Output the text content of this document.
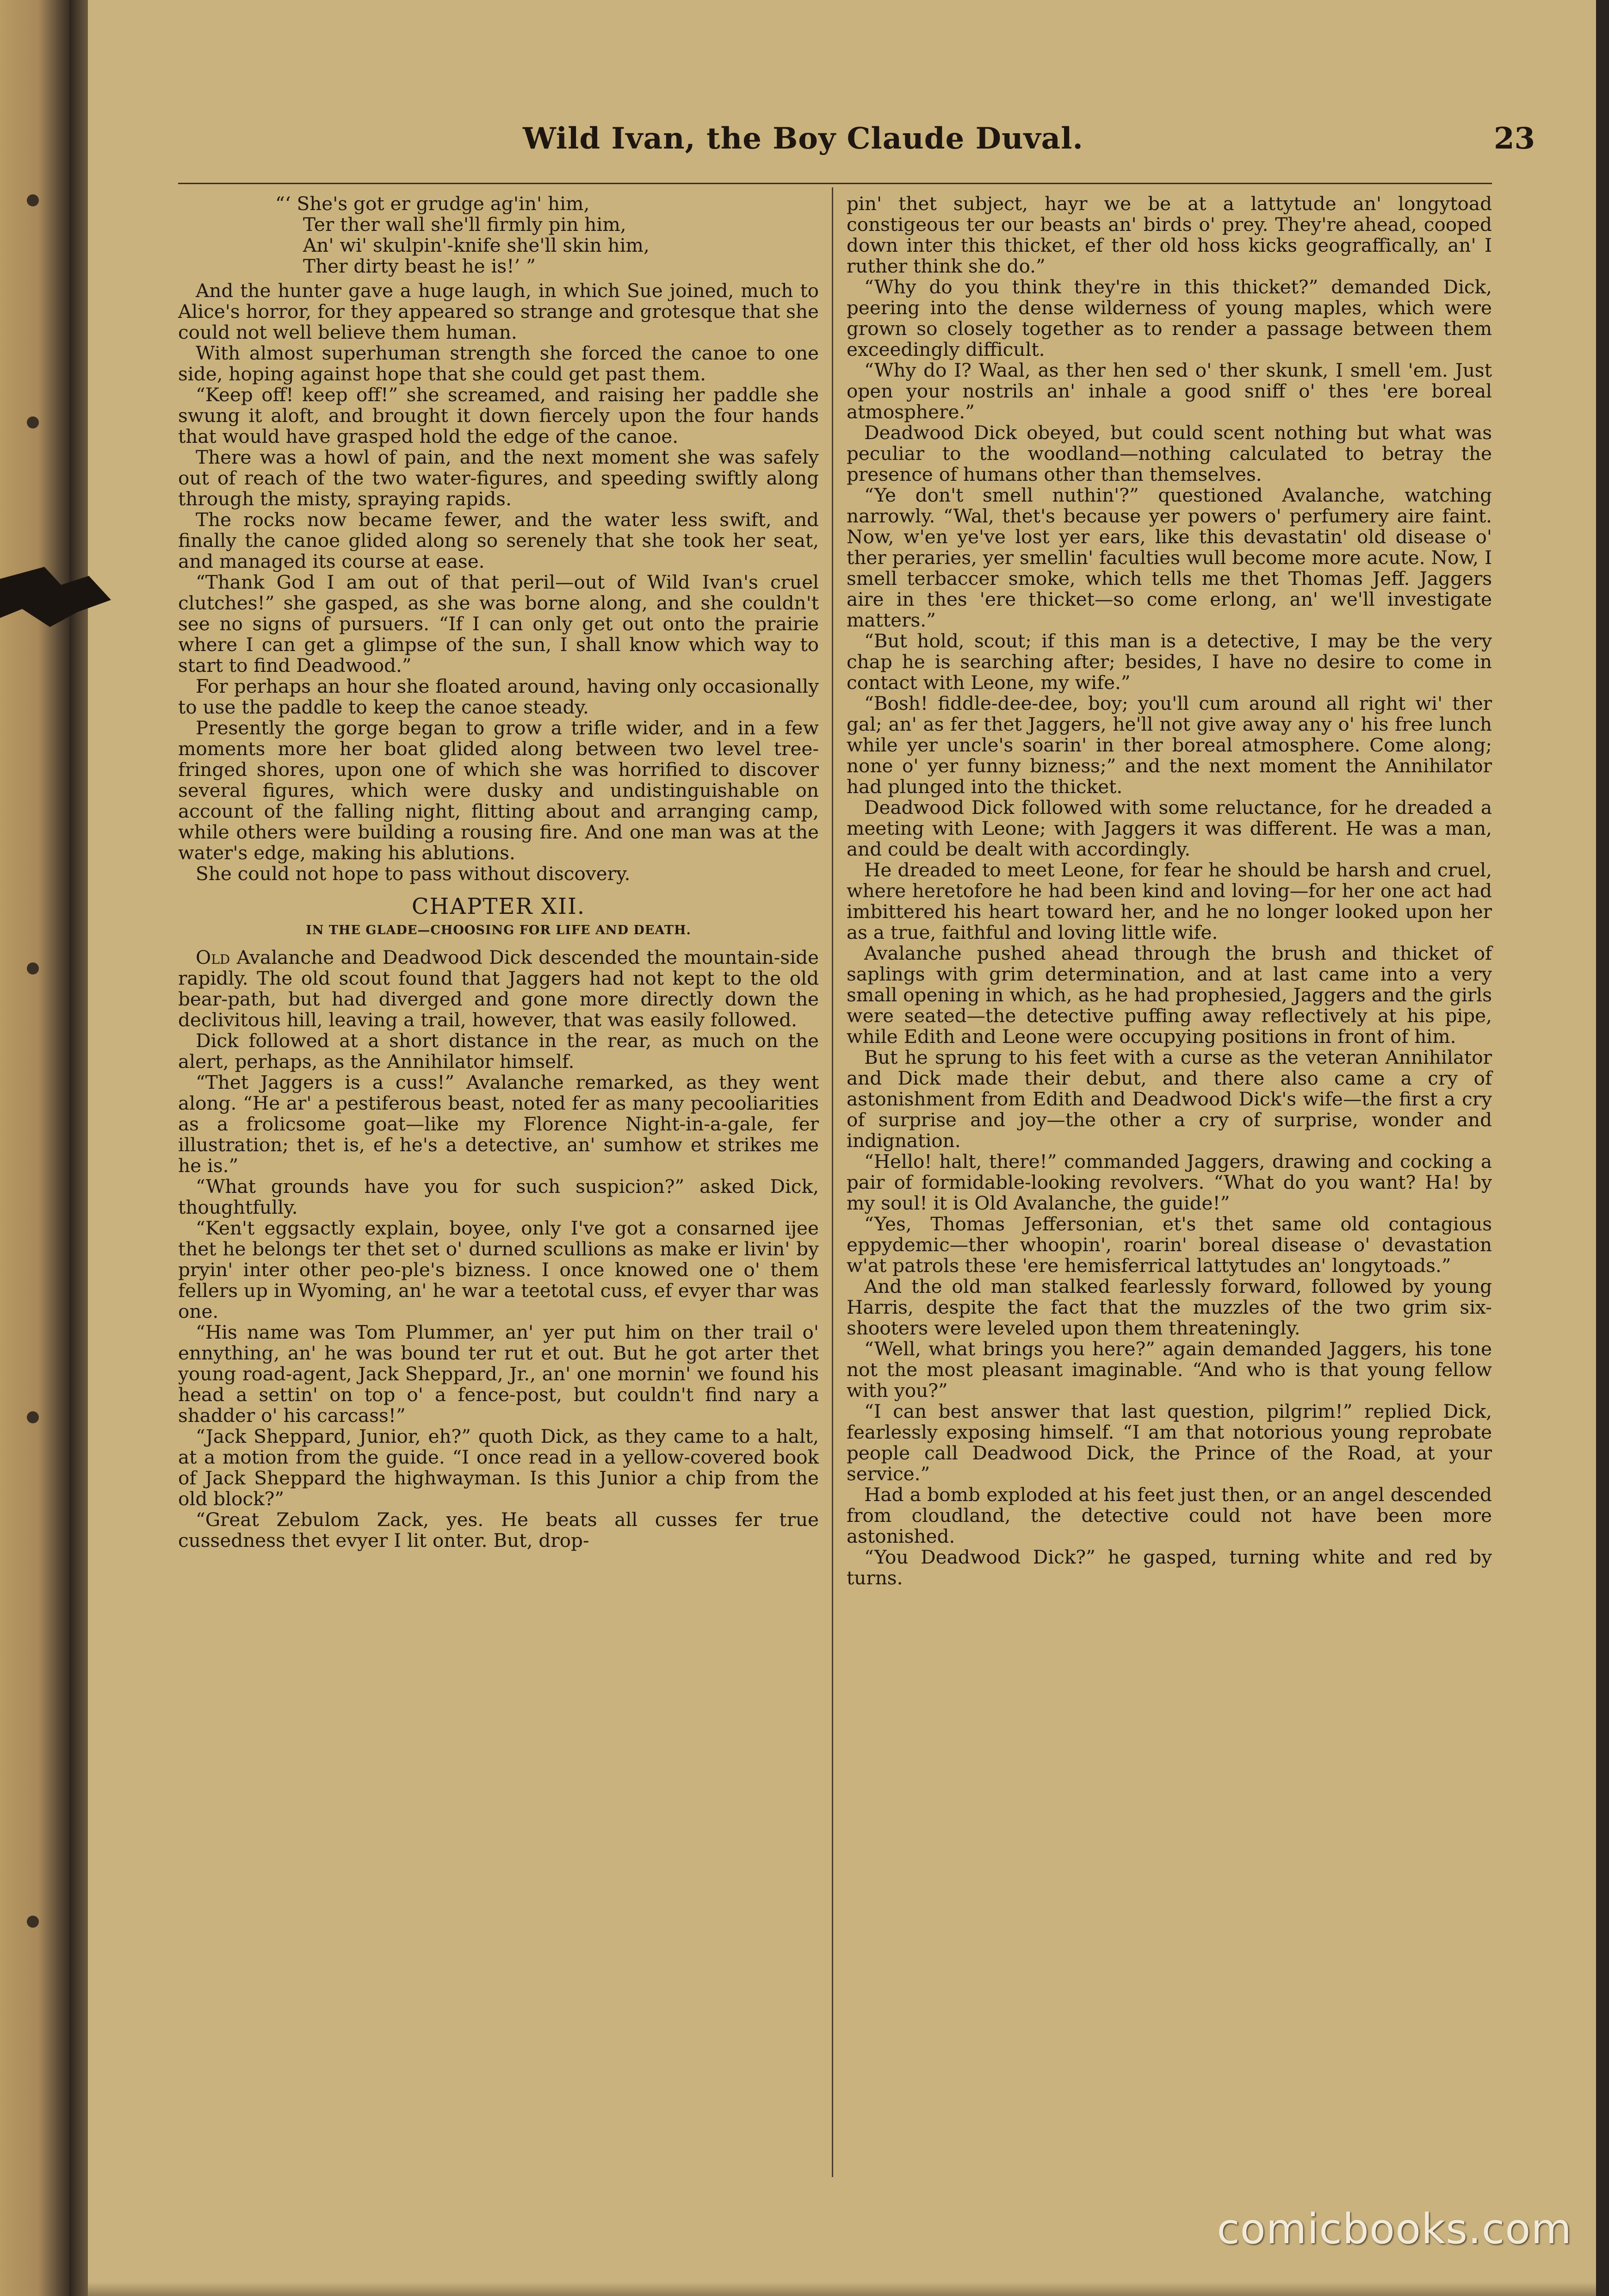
Wild Ivan, the Boy Claude Duval.	23
“‘ She's got er grudge ag'in' him,
Ter ther wall she'll firmly pin him,
An' wi' skulpin'-knife she'll skin him,
Ther dirty beast he is!’ ”

And the hunter gave a huge laugh, in which Sue joined, much to Alice's horror, for they appeared so strange and grotesque that she could not well believe them human.

With almost superhuman strength she forced the canoe to one side, hoping against hope that she could get past them.

“Keep off! keep off!” she screamed, and raising her paddle she swung it aloft, and brought it down fiercely upon the four hands that would have grasped hold the edge of the canoe.

There was a howl of pain, and the next moment she was safely out of reach of the two water-figures, and speeding swiftly along through the misty, spraying rapids.

The rocks now became fewer, and the water less swift, and finally the canoe glided along so serenely that she took her seat, and managed its course at ease.

“Thank God I am out of that peril—out of Wild Ivan's cruel clutches!” she gasped, as she was borne along, and she couldn't see no signs of pursuers. “If I can only get out onto the prairie where I can get a glimpse of the sun, I shall know which way to start to find Deadwood.”

For perhaps an hour she floated around, having only occasionally to use the paddle to keep the canoe steady.

Presently the gorge began to grow a trifle wider, and in a few moments more her boat glided along between two level tree-fringed shores, upon one of which she was horrified to discover several figures, which were dusky and undistinguishable on account of the falling night, flitting about and arranging camp, while others were building a rousing fire. And one man was at the water's edge, making his ablutions.

She could not hope to pass without discovery.

CHAPTER XII.
IN THE GLADE—CHOOSING FOR LIFE AND DEATH.

Old Avalanche and Deadwood Dick descended the mountain-side rapidly. The old scout found that Jaggers had not kept to the old bear-path, but had diverged and gone more directly down the declivitous hill, leaving a trail, however, that was easily followed.

Dick followed at a short distance in the rear, as much on the alert, perhaps, as the Annihilator himself.

“Thet Jaggers is a cuss!” Avalanche remarked, as they went along. “He ar' a pestiferous beast, noted fer as many pecooliarities as a frolicsome goat—like my Florence Night-in-a-gale, fer illustration; thet is, ef he's a detective, an' sumhow et strikes me he is.”

“What grounds have you for such suspicion?” asked Dick, thoughtfully.

“Ken't eggsactly explain, boyee, only I've got a consarned ijee thet he belongs ter thet set o' durned scullions as make er livin' by pryin' inter other peo-ple's bizness. I once knowed one o' them fellers up in Wyoming, an' he war a teetotal cuss, ef evyer thar was one.

“His name was Tom Plummer, an' yer put him on ther trail o' ennything, an' he was bound ter rut et out. But he got arter thet young road-agent, Jack Sheppard, Jr., an' one mornin' we found his head a settin' on top o' a fence-post, but couldn't find nary a shadder o' his carcass!”

“Jack Sheppard, Junior, eh?” quoth Dick, as they came to a halt, at a motion from the guide. “I once read in a yellow-covered book of Jack Sheppard the highwayman. Is this Junior a chip from the old block?”

“Great Zebulom Zack, yes. He beats all cusses fer true cussedness thet evyer I lit onter. But, drop-

pin' thet subject, hayr we be at a lattytude an' longytoad constigeous ter our beasts an' birds o' prey. They're ahead, cooped down inter this thicket, ef ther old hoss kicks geograffically, an' I ruther think she do.”

“Why do you think they're in this thicket?” demanded Dick, peering into the dense wilderness of young maples, which were grown so closely together as to render a passage between them exceedingly difficult.

“Why do I? Waal, as ther hen sed o' ther skunk, I smell 'em. Just open your nostrils an' inhale a good sniff o' thes 'ere boreal atmosphere.”

Deadwood Dick obeyed, but could scent nothing but what was peculiar to the woodland—nothing calculated to betray the presence of humans other than themselves.

“Ye don't smell nuthin'?” questioned Avalanche, watching narrowly. “Wal, thet's because yer powers o' perfumery aire faint. Now, w'en ye've lost yer ears, like this devastatin' old disease o' ther peraries, yer smellin' faculties wull become more acute. Now, I smell terbaccer smoke, which tells me thet Thomas Jeff. Jaggers aire in thes 'ere thicket—so come erlong, an' we'll investigate matters.”

“But hold, scout; if this man is a detective, I may be the very chap he is searching after; besides, I have no desire to come in contact with Leone, my wife.”

“Bosh! fiddle-dee-dee, boy; you'll cum around all right wi' ther gal; an' as fer thet Jaggers, he'll not give away any o' his free lunch while yer uncle's soarin' in ther boreal atmosphere. Come along; none o' yer funny bizness;” and the next moment the Annihilator had plunged into the thicket.

Deadwood Dick followed with some reluctance, for he dreaded a meeting with Leone; with Jaggers it was different. He was a man, and could be dealt with accordingly.

He dreaded to meet Leone, for fear he should be harsh and cruel, where heretofore he had been kind and loving—for her one act had imbittered his heart toward her, and he no longer looked upon her as a true, faithful and loving little wife.

Avalanche pushed ahead through the brush and thicket of saplings with grim determination, and at last came into a very small opening in which, as he had prophesied, Jaggers and the girls were seated—the detective puffing away reflectively at his pipe, while Edith and Leone were occupying positions in front of him.

But he sprung to his feet with a curse as the veteran Annihilator and Dick made their debut, and there also came a cry of astonishment from Edith and Deadwood Dick's wife—the first a cry of surprise and joy—the other a cry of surprise, wonder and indignation.

“Hello! halt, there!” commanded Jaggers, drawing and cocking a pair of formidable-looking revolvers. “What do you want? Ha! by my soul! it is Old Avalanche, the guide!”

“Yes, Thomas Jeffersonian, et's thet same old contagious eppydemic—ther whoopin', roarin' boreal disease o' devastation w'at patrols these 'ere hemisferrical lattytudes an' longytoads.”

And the old man stalked fearlessly forward, followed by young Harris, despite the fact that the muzzles of the two grim six-shooters were leveled upon them threateningly.

“Well, what brings you here?” again demanded Jaggers, his tone not the most pleasant imaginable. “And who is that young fellow with you?”

“I can best answer that last question, pilgrim!” replied Dick, fearlessly exposing himself. “I am that notorious young reprobate people call Deadwood Dick, the Prince of the Road, at your service.”

Had a bomb exploded at his feet just then, or an angel descended from cloudland, the detective could not have been more astonished.

“You Deadwood Dick?” he gasped, turning white and red by turns.

comicbooks.com
